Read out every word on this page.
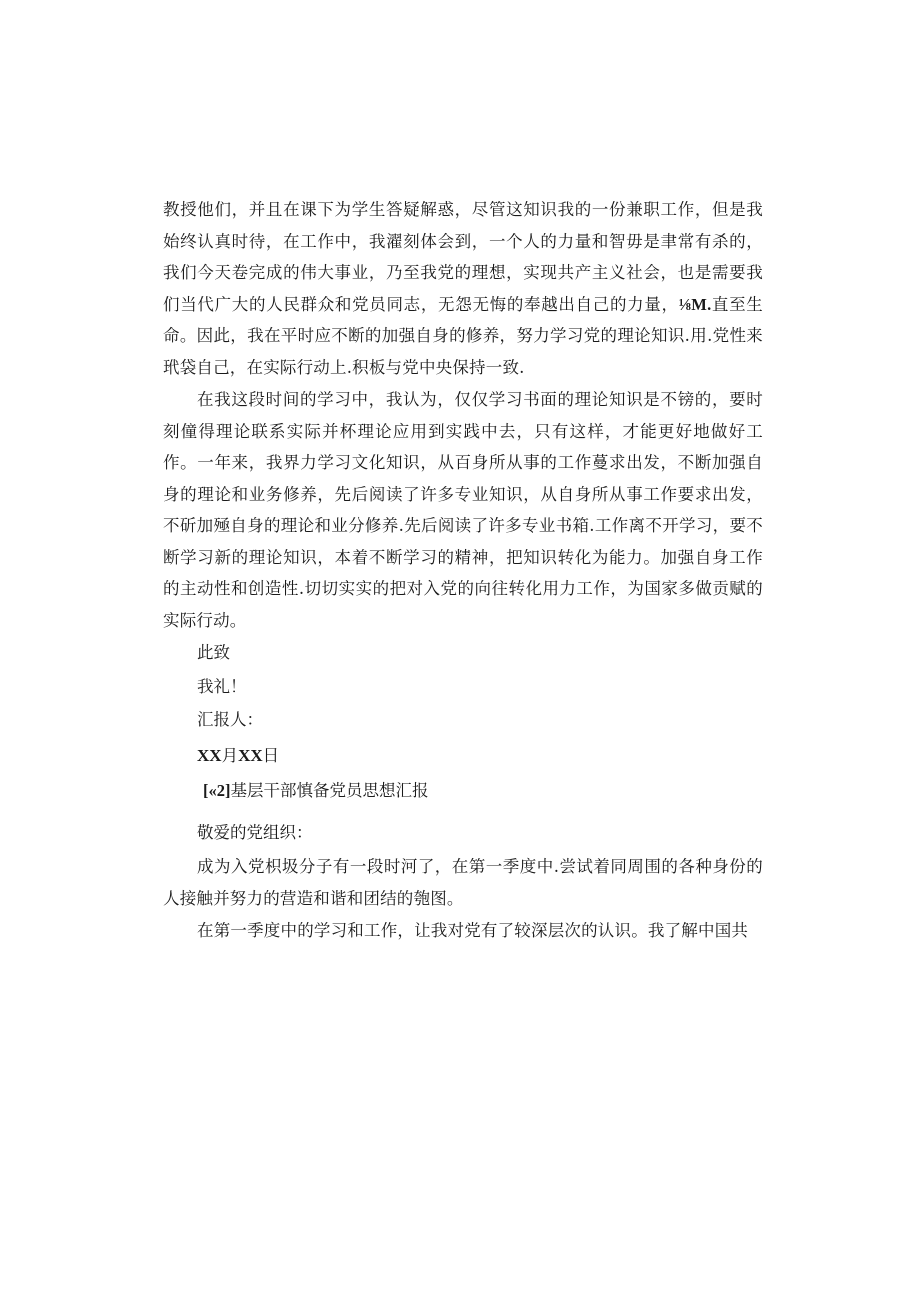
教授他们，并且在课下为学生答疑解惑，尽管这知识我的一份兼职工作，但是我始终认真时待，在工作中，我濯刻体会到，一个人的力量和智毋是聿常有杀的，我们今天卷完成的伟大事业，乃至我党的理想，实现共产主义社会，也是需要我们当代广大的人民群众和党员同志，无怨无悔的奉越出自己的力量，⅛M.直至生命。因此，我在平时应不断的加强自身的修养，努力学习党的理论知识.用.党性来玳袋自己，在实际行动上.积板与党中央保持一致.

在我这段时间的学习中，我认为，仅仅学习书面的理论知识是不镑的，要时刻僮得理论联系实际并杯理论应用到实践中去，只有这样，才能更好地做好工作。一年来，我界力学习文化知识，从百身所从事的工作蔓求出发，不断加强自身的理论和业务修养，先后阅读了许多专业知识，从自身所从事工作要求出发，不斫加殛自身的理论和业分修养.先后阅读了许多专业书箱.工作离不开学习，要不断学习新的理论知识，本着不断学习的精神，把知识转化为能力。加强自身工作的主动性和创造性.切切实实的把对入党的向往转化用力工作，为国家多做贡赋的实际行动。

此致

我礼！

汇报人：

XX月XX日

[«2]基层干部慎备党员思想汇报

敬爱的党组织：

成为入党枳圾分子有一段时河了，在第一季度中.尝试着同周围的各种身份的人接触并努力的营造和谐和团结的匏图。

在第一季度中的学习和工作，让我对党有了较深层次的认识。我了解中国共
